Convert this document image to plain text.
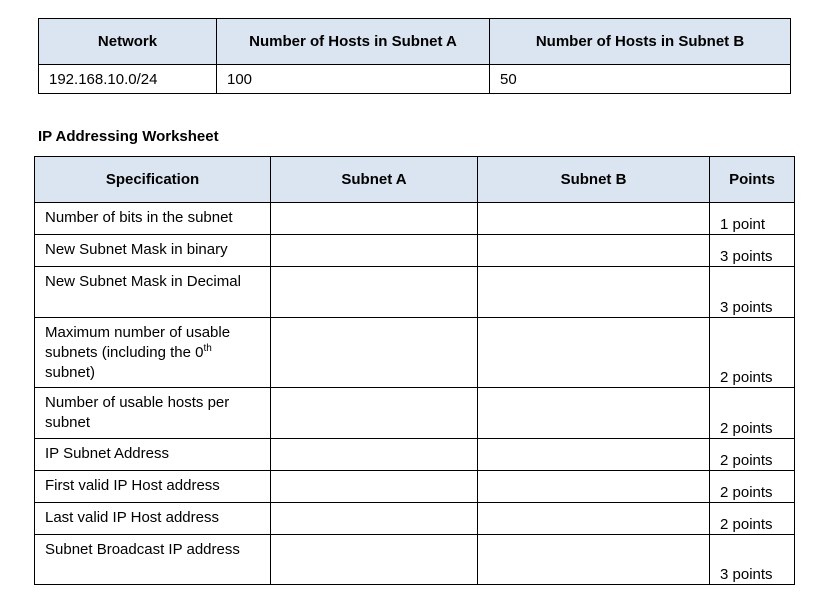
Network	Number of Hosts in Subnet A	Number of Hosts in Subnet B
192.168.10.0/24	100	50
IP Addressing Worksheet
Specification	Subnet A	Subnet B	Points
Number of bits in the subnet			1 point
New Subnet Mask in binary			3 points
New Subnet Mask in Decimal			3 points
Maximum number of usable subnets (including the 0th subnet)			2 points
Number of usable hosts per subnet			2 points
IP Subnet Address			2 points
First valid IP Host address			2 points
Last valid IP Host address			2 points
Subnet Broadcast IP address			3 points
